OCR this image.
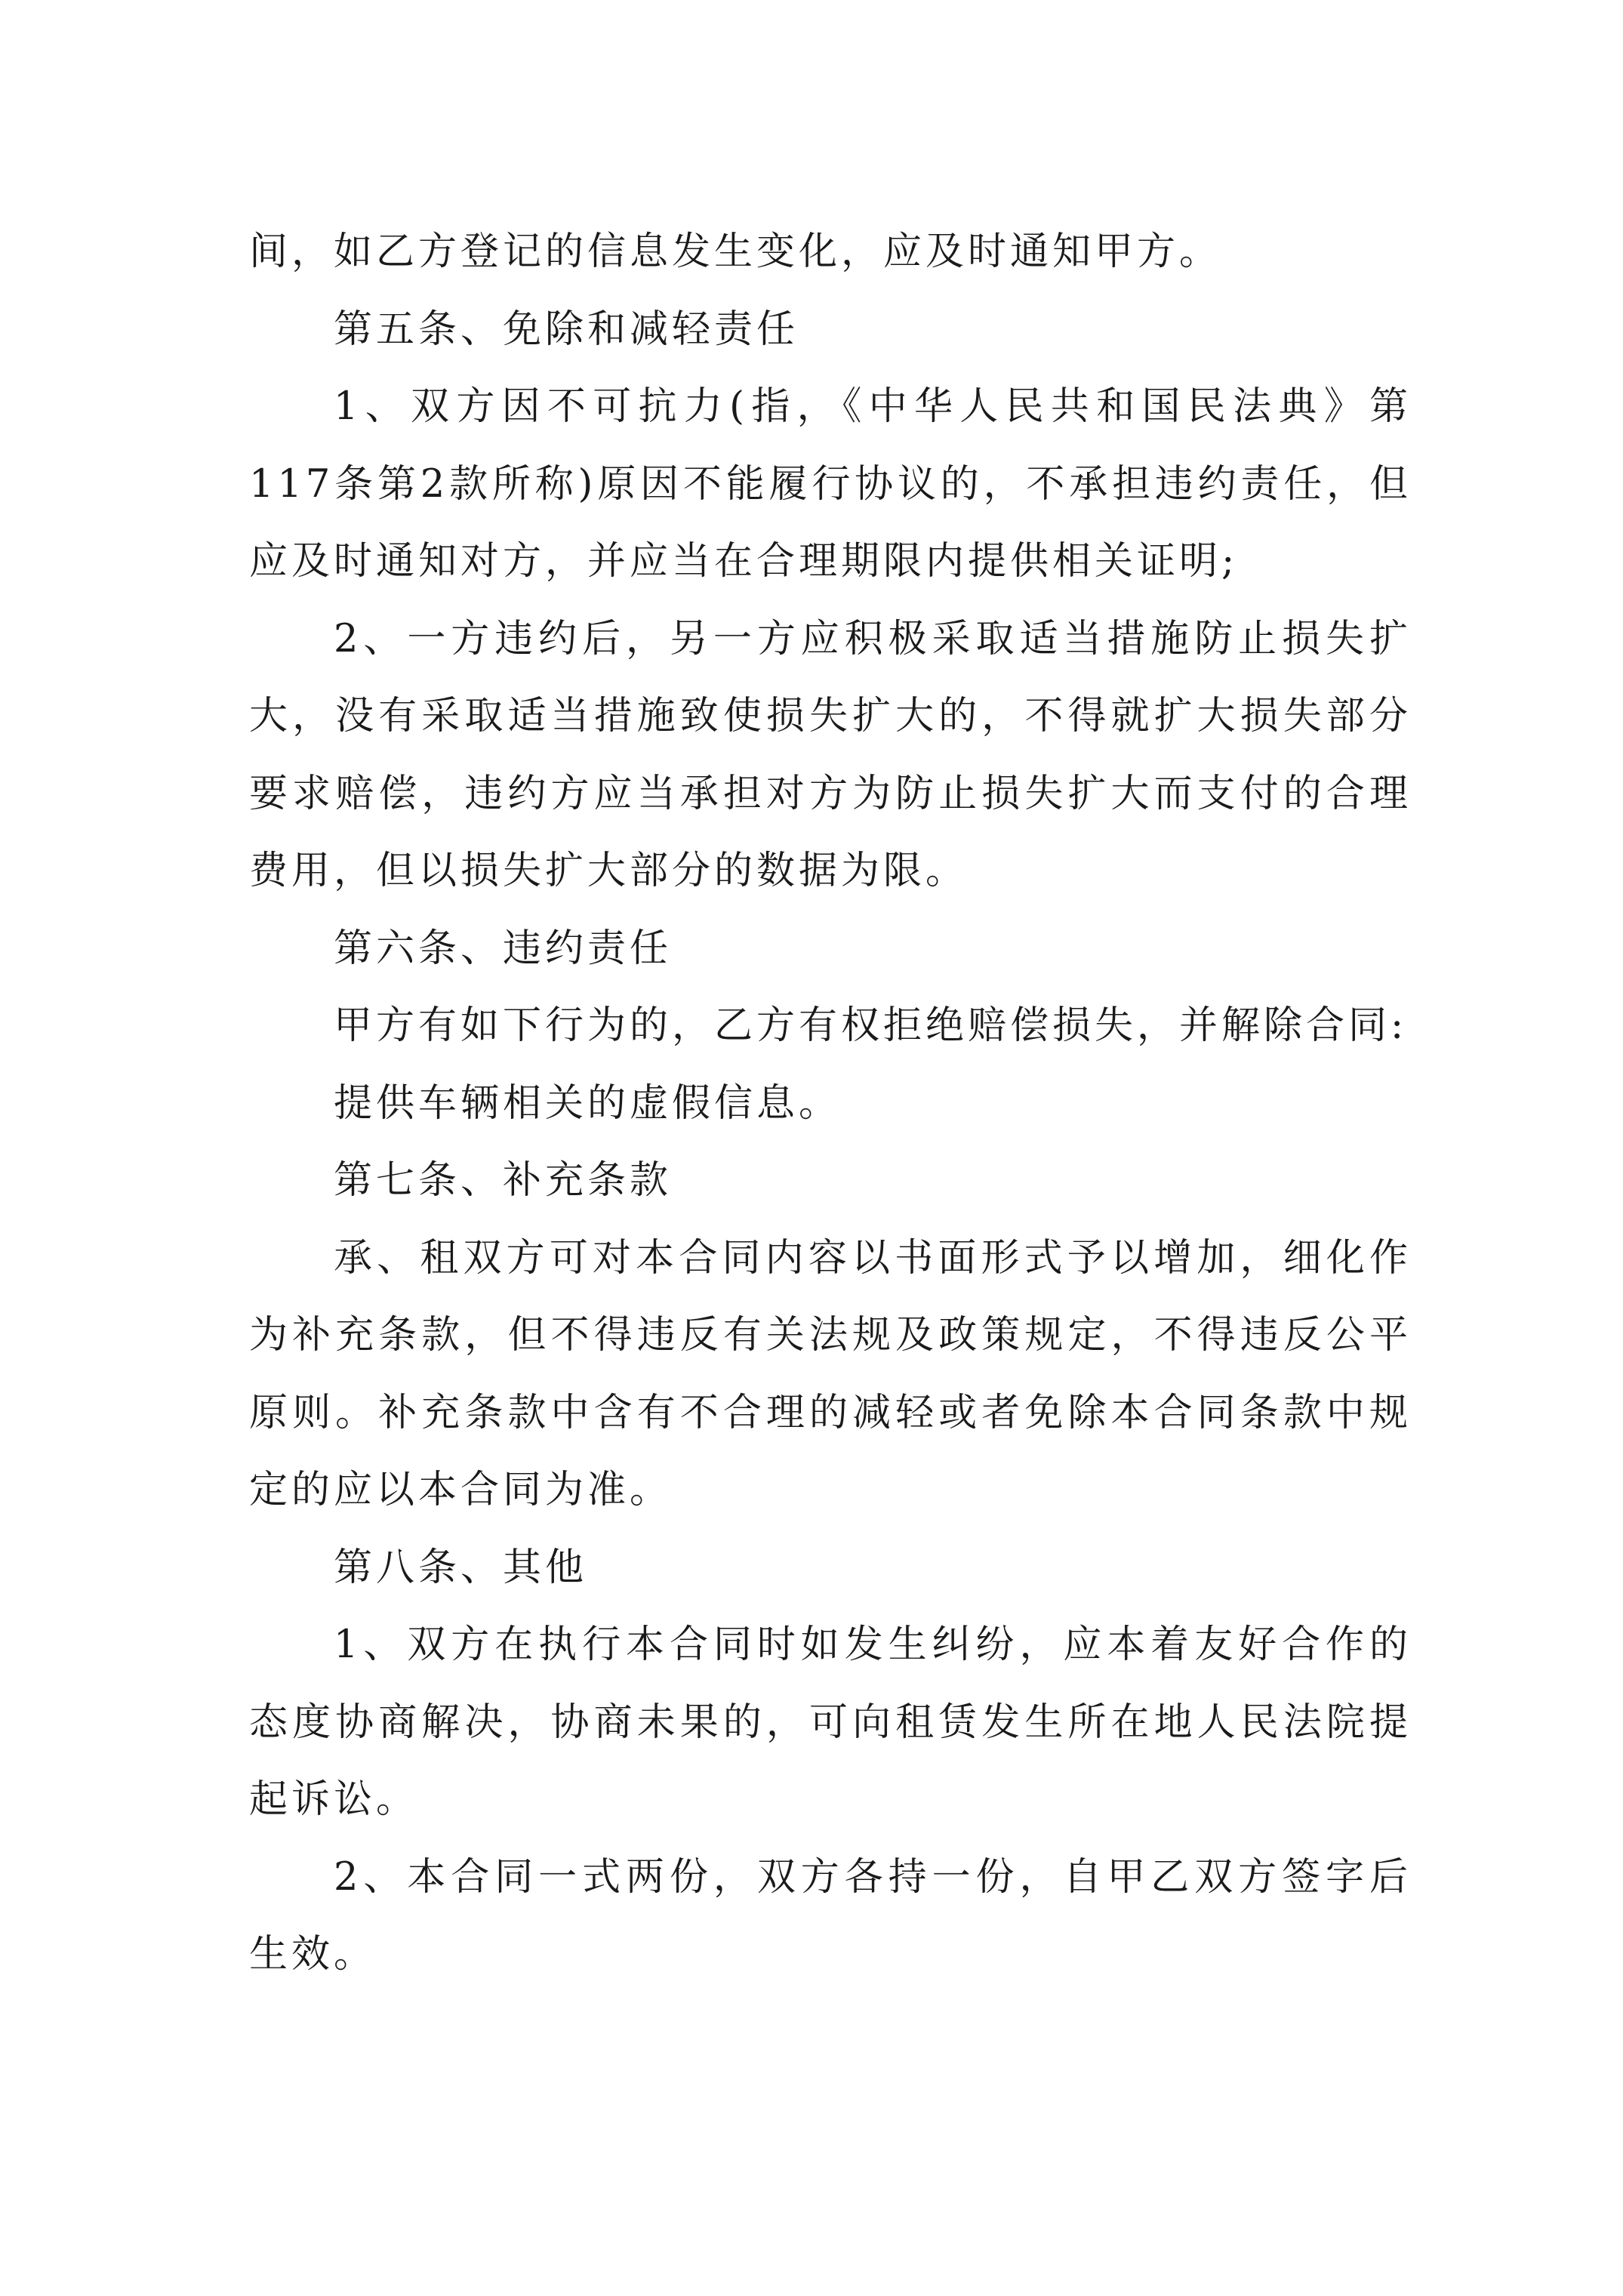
间，如乙方登记的信息发生变化，应及时通知甲方。

第五条、免除和减轻责任

1、双方因不可抗力(指，《中华人民共和国民法典》第117条第2款所称)原因不能履行协议的，不承担违约责任，但应及时通知对方，并应当在合理期限内提供相关证明;

2、一方违约后，另一方应积极采取适当措施防止损失扩大，没有采取适当措施致使损失扩大的，不得就扩大损失部分要求赔偿，违约方应当承担对方为防止损失扩大而支付的合理费用，但以损失扩大部分的数据为限。

第六条、违约责任

甲方有如下行为的，乙方有权拒绝赔偿损失，并解除合同:

提供车辆相关的虚假信息。

第七条、补充条款

承、租双方可对本合同内容以书面形式予以增加，细化作为补充条款，但不得违反有关法规及政策规定，不得违反公平原则。补充条款中含有不合理的减轻或者免除本合同条款中规定的应以本合同为准。

第八条、其他

1、双方在执行本合同时如发生纠纷，应本着友好合作的态度协商解决，协商未果的，可向租赁发生所在地人民法院提起诉讼。

2、本合同一式两份，双方各持一份，自甲乙双方签字后生效。
